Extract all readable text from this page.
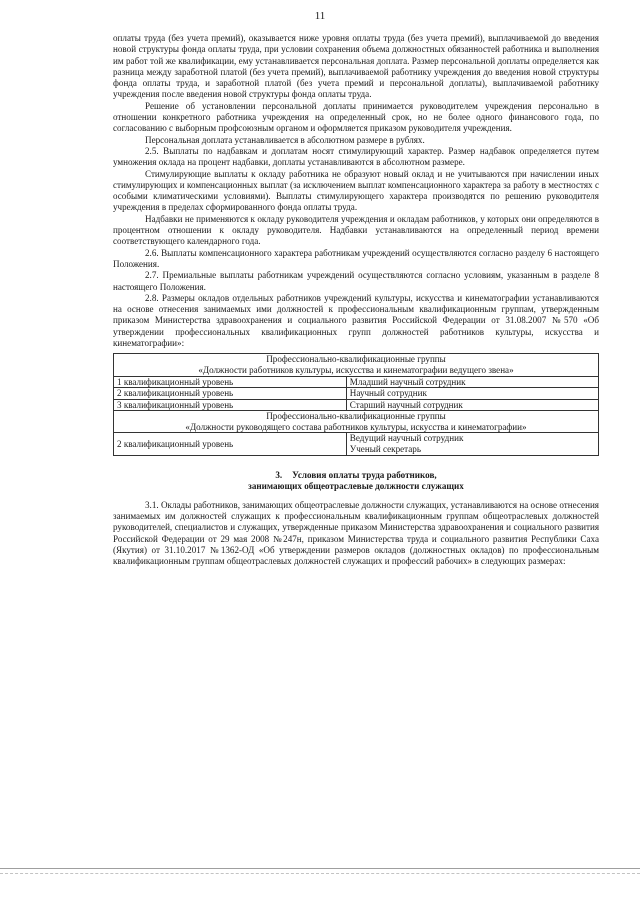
11

оплаты труда (без учета премий), оказывается ниже уровня оплаты труда (без учета премий), выплачиваемой до введения новой структуры фонда оплаты труда, при условии сохранения объема должностных обязанностей работника и выполнения им работ той же квалификации, ему устанавливается персональная доплата. Размер персональной доплаты определяется как разница между заработной платой (без учета премий), выплачиваемой работнику учреждения до введения новой структуры фонда оплаты труда, и заработной платой (без учета премий и персональной доплаты), выплачиваемой работнику учреждения после введения новой структуры фонда оплаты труда.

Решение об установлении персональной доплаты принимается руководителем учреждения персонально в отношении конкретного работника учреждения на определенный срок, но не более одного финансового года, по согласованию с выборным профсоюзным органом и оформляется приказом руководителя учреждения.

Персональная доплата устанавливается в абсолютном размере в рублях.

2.5. Выплаты по надбавкам и доплатам носят стимулирующий характер. Размер надбавок определяется путем умножения оклада на процент надбавки, доплаты устанавливаются в абсолютном размере.

Стимулирующие выплаты к окладу работника не образуют новый оклад и не учитываются при начислении иных стимулирующих и компенсационных выплат (за исключением выплат компенсационного характера за работу в местностях с особыми климатическими условиями). Выплаты стимулирующего характера производятся по решению руководителя учреждения в пределах сформированного фонда оплаты труда.

Надбавки не применяются к окладу руководителя учреждения и окладам работников, у которых они определяются в процентном отношении к окладу руководителя. Надбавки устанавливаются на определенный период времени соответствующего календарного года.

2.6. Выплаты компенсационного характера работникам учреждений осуществляются согласно разделу 6 настоящего Положения.

2.7. Премиальные выплаты работникам учреждений осуществляются согласно условиям, указанным в разделе 8 настоящего Положения.

2.8. Размеры окладов отдельных работников учреждений культуры, искусства и кинематографии устанавливаются на основе отнесения занимаемых ими должностей к профессиональным квалификационным группам, утвержденным приказом Министерства здравоохранения и социального развития Российской Федерации от 31.08.2007 №570 «Об утверждении профессиональных квалификационных групп должностей работников культуры, искусства и кинематографии»:

Профессионально-квалификационные группы
«Должности работников культуры, искусства и кинематографии ведущего звена»	

1 квалификационный уровень	Младший научный сотрудник
2 квалификационный уровень	Научный сотрудник
3 квалификационный уровень	Старший научный сотрудник

Профессионально-квалификационные группы
«Должности руководящего состава работников культуры, искусства и кинематографии»	

2 квалификационный уровень	Ведущий научный сотрудник
Ученый секретарь
3. Условия оплаты труда работников,
занимающих общеотраслевые должности служащих

3.1. Оклады работников, занимающих общеотраслевые должности служащих, устанавливаются на основе отнесения занимаемых им должностей служащих к профессиональным квалификационным группам общеотраслевых должностей руководителей, специалистов и служащих, утвержденные приказом Министерства здравоохранения и социального развития Российской Федерации от 29 мая 2008 №247н, приказом Министерства труда и социального развития Республики Саха (Якутия) от 31.10.2017 №1362-ОД «Об утверждении размеров окладов (должностных окладов) по профессиональным квалификационным группам общеотраслевых должностей служащих и профессий рабочих» в следующих размерах:
